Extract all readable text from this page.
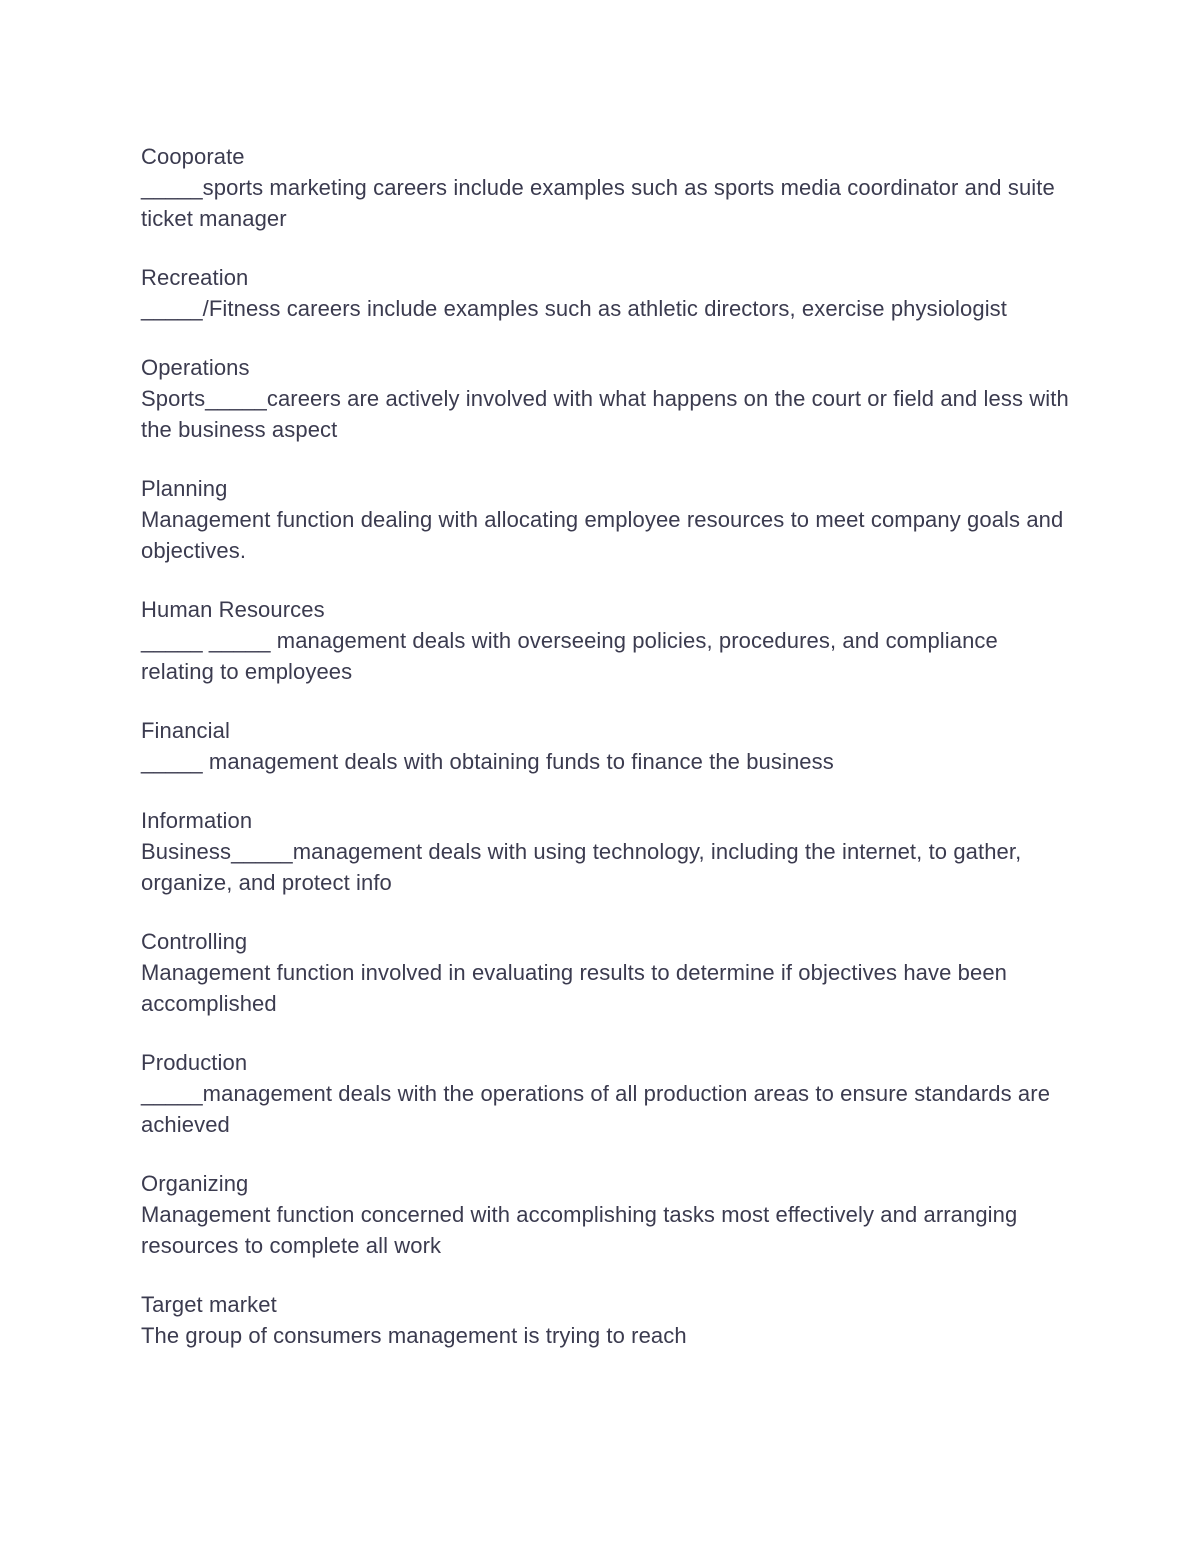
Cooporate

_____sports marketing careers include examples such as sports media coordinator and suite ticket manager

Recreation

_____/Fitness careers include examples such as athletic directors, exercise physiologist

Operations

Sports_____careers are actively involved with what happens on the court or field and less with the business aspect

Planning

Management function dealing with allocating employee resources to meet company goals and objectives.

Human Resources

_____ _____ management deals with overseeing policies, procedures, and compliance relating to employees

Financial

_____ management deals with obtaining funds to finance the business

Information

Business_____management deals with using technology, including the internet, to gather, organize, and protect info

Controlling

Management function involved in evaluating results to determine if objectives have been accomplished

Production

_____management deals with the operations of all production areas to ensure standards are achieved

Organizing

Management function concerned with accomplishing tasks most effectively and arranging resources to complete all work

Target market

The group of consumers management is trying to reach
